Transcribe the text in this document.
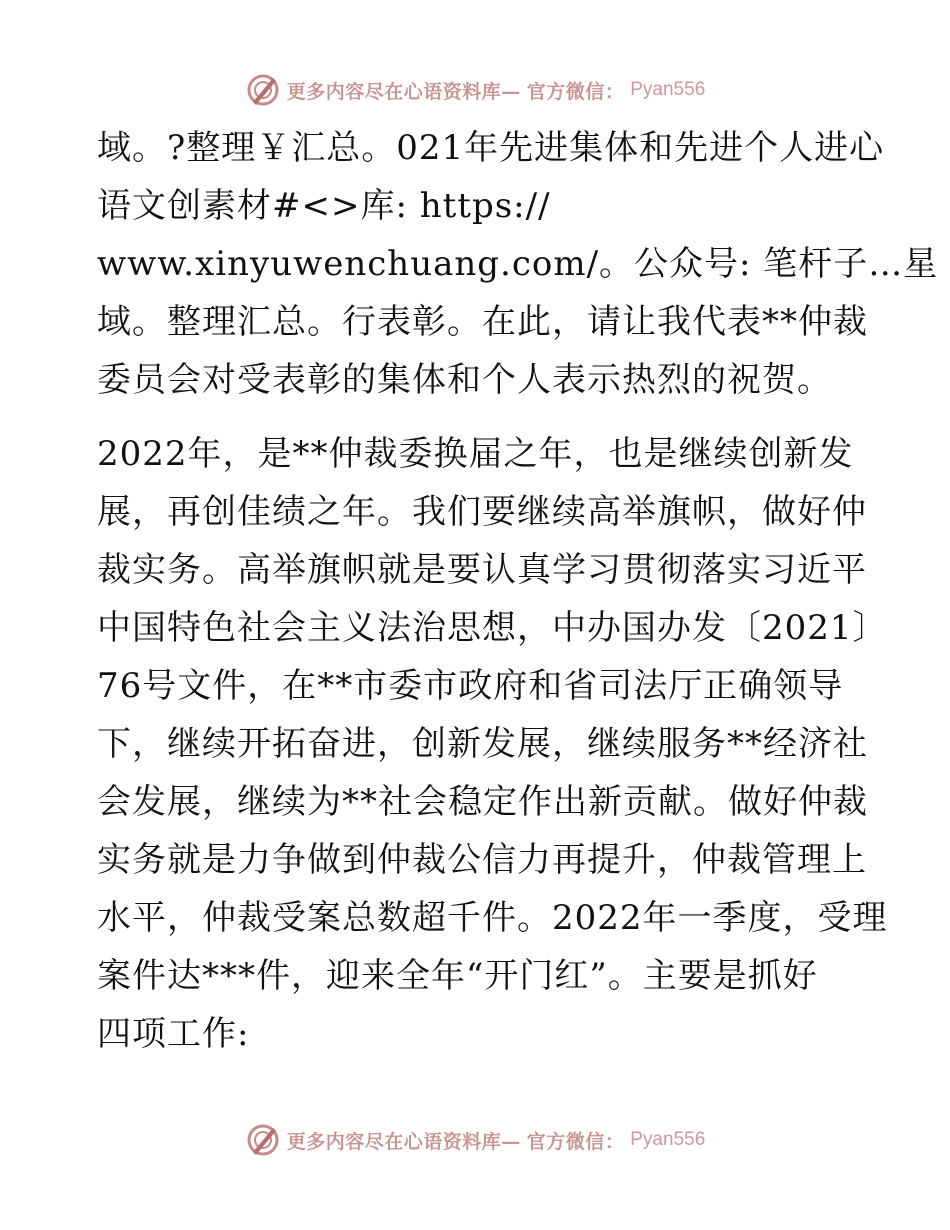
更多内容尽在心语资料库— 官方微信： Pyan556
域。?整理￥汇总。021年先进集体和先进个人进心
语文创素材#<>库: https://
www.xinyuwenchuang.com/。公众号: 笔杆子…星
域。整理汇总。行表彰。在此，请让我代表**仲裁
委员会对受表彰的集体和个人表示热烈的祝贺。
2022年，是**仲裁委换届之年，也是继续创新发
展，再创佳绩之年。我们要继续高举旗帜，做好仲
裁实务。高举旗帜就是要认真学习贯彻落实习近平
中国特色社会主义法治思想，中办国办发〔2021〕
76号文件，在**市委市政府和省司法厅正确领导
下，继续开拓奋进，创新发展，继续服务**经济社
会发展，继续为**社会稳定作出新贡献。做好仲裁
实务就是力争做到仲裁公信力再提升，仲裁管理上
水平，仲裁受案总数超千件。2022年一季度，受理
案件达***件，迎来全年“开门红”。主要是抓好
四项工作:
更多内容尽在心语资料库— 官方微信： Pyan556
